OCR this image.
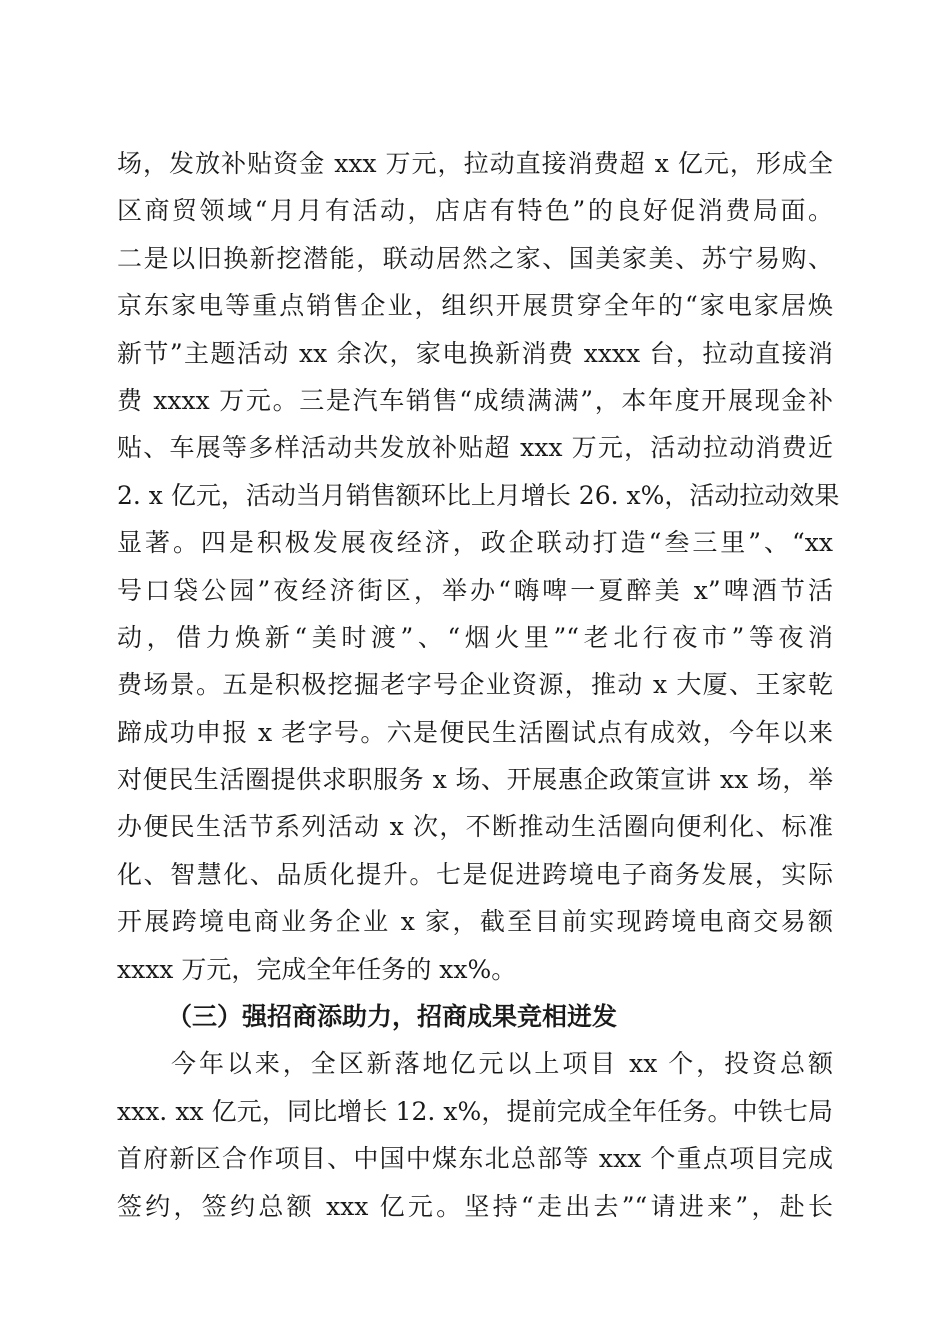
场，发放补贴资金 xxx 万元，拉动直接消费超 x 亿元，形成全
区商贸领域“月月有活动，店店有特色”的良好促消费局面。
二是以旧换新挖潜能，联动居然之家、国美家美、苏宁易购、
京东家电等重点销售企业，组织开展贯穿全年的“家电家居焕
新节”主题活动 xx 余次，家电换新消费 xxxx 台，拉动直接消
费 xxxx 万元。三是汽车销售“成绩满满”，本年度开展现金补
贴、车展等多样活动共发放补贴超 xxx 万元，活动拉动消费近
2. x 亿元，活动当月销售额环比上月增长 26. x%，活动拉动效果
显著。四是积极发展夜经济，政企联动打造“叁三里”、“xx
号口袋公园”夜经济街区，举办“嗨啤一夏醉美 x”啤酒节活
动，借力焕新“美时渡”、“烟火里”“老北行夜市”等夜消
费场景。五是积极挖掘老字号企业资源，推动 x 大厦、王家乾
蹄成功申报 x 老字号。六是便民生活圈试点有成效，今年以来
对便民生活圈提供求职服务 x 场、开展惠企政策宣讲 xx 场，举
办便民生活节系列活动 x 次，不断推动生活圈向便利化、标准
化、智慧化、品质化提升。七是促进跨境电子商务发展，实际
开展跨境电商业务企业 x 家，截至目前实现跨境电商交易额
xxxx 万元，完成全年任务的 xx%。
（三）强招商添助力，招商成果竞相迸发
今年以来，全区新落地亿元以上项目 xx 个，投资总额
xxx. xx 亿元，同比增长 12. x%，提前完成全年任务。中铁七局
首府新区合作项目、中国中煤东北总部等 xxx 个重点项目完成
签约，签约总额 xxx 亿元。坚持“走出去”“请进来”，赴长
